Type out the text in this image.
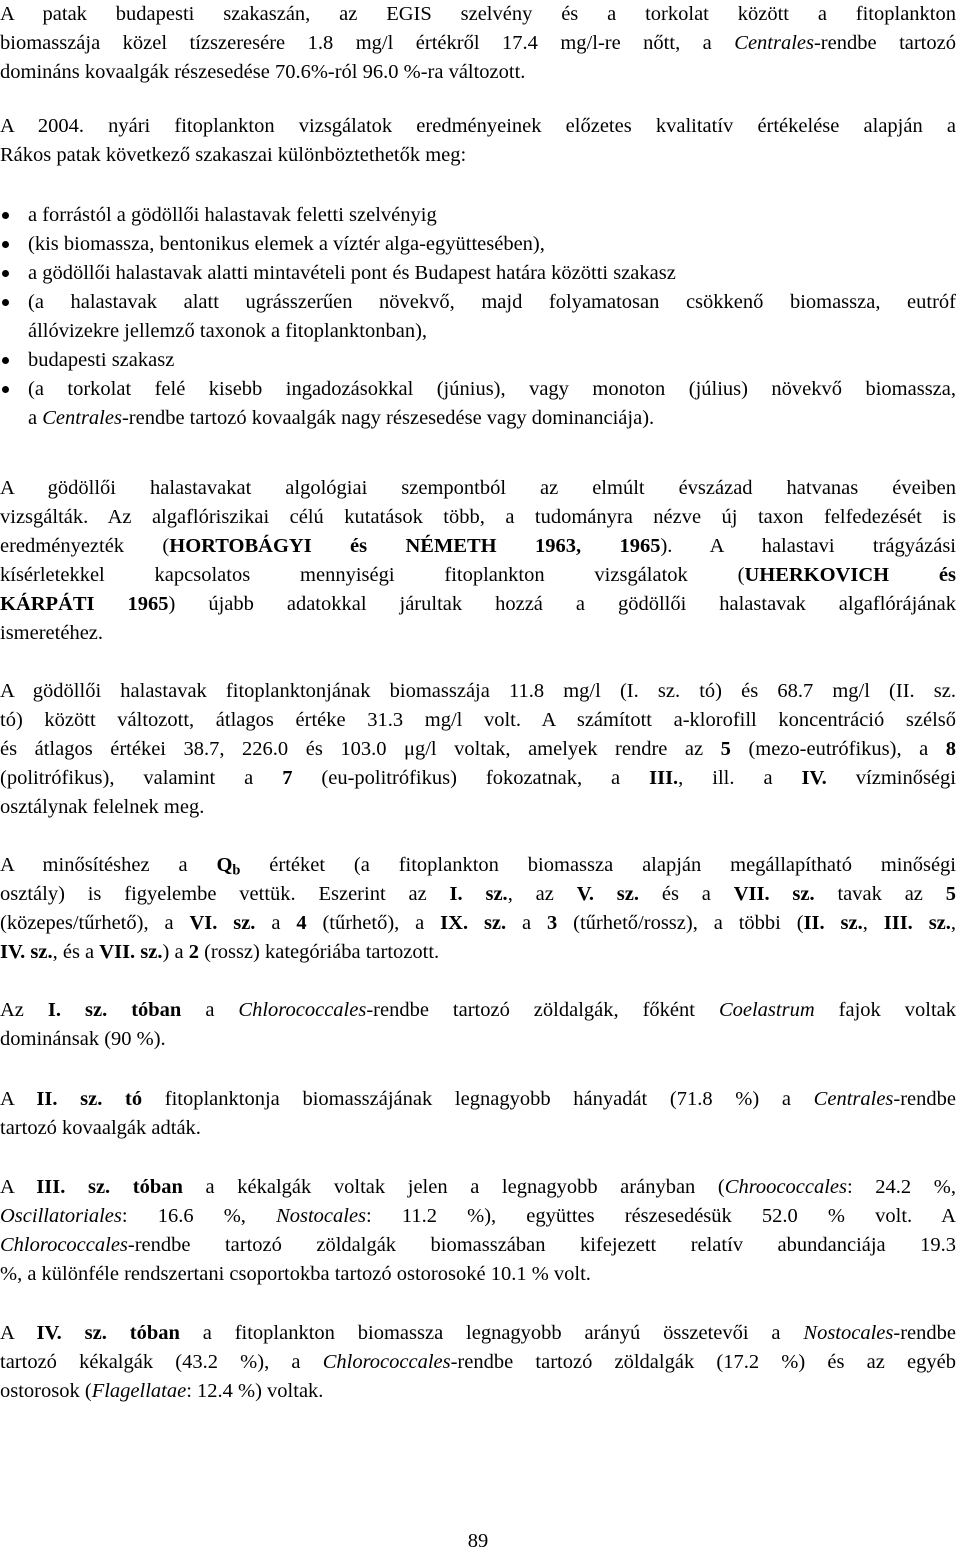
A patak budapesti szakaszán, az EGIS szelvény és a torkolat között a fitoplankton
biomasszája közel tízszeresére 1.8 mg/l értékről 17.4 mg/l-re nőtt, a Centrales-rendbe tartozó
domináns kovaalgák részesedése 70.6%-ról 96.0 %-ra változott.
A 2004. nyári fitoplankton vizsgálatok eredményeinek előzetes kvalitatív értékelése alapján a
Rákos patak következő szakaszai különböztethetők meg:
a forrástól a gödöllői halastavak feletti szelvényig
(kis biomassza, bentonikus elemek a víztér alga-együttesében),
a gödöllői halastavak alatti mintavételi pont és Budapest határa közötti szakasz
(a halastavak alatt ugrásszerűen növekvő, majd folyamatosan csökkenő biomassza, eutróf
állóvizekre jellemző taxonok a fitoplanktonban),
budapesti szakasz
(a torkolat felé kisebb ingadozásokkal (június), vagy monoton (július) növekvő biomassza,
a Centrales-rendbe tartozó kovaalgák nagy részesedése vagy dominanciája).
A gödöllői halastavakat algológiai szempontból az elmúlt évszázad hatvanas éveiben
vizsgálták. Az algaflóriszikai célú kutatások több, a tudományra nézve új taxon felfedezését is
eredményezték (HORTOBÁGYI és NÉMETH 1963, 1965). A halastavi trágyázási
kísérletekkel kapcsolatos mennyiségi fitoplankton vizsgálatok (UHERKOVICH és
KÁRPÁTI 1965) újabb adatokkal járultak hozzá a gödöllői halastavak algaflórájának
ismeretéhez.
A gödöllői halastavak fitoplanktonjának biomasszája 11.8 mg/l (I. sz. tó) és 68.7 mg/l (II. sz.
tó) között változott, átlagos értéke 31.3 mg/l volt. A számított a-klorofill koncentráció szélső
és átlagos értékei 38.7, 226.0 és 103.0 μg/l voltak, amelyek rendre az 5 (mezo-eutrófikus), a 8
(politrófikus), valamint a 7 (eu-politrófikus) fokozatnak, a III., ill. a IV. vízminőségi
osztálynak felelnek meg.
A minősítéshez a $Q_b$ értéket (a fitoplankton biomassza alapján megállapítható minőségi
osztály) is figyelembe vettük. Eszerint az I. sz., az V. sz. és a VII. sz. tavak az 5
(közepes/tűrhető), a VI. sz. a 4 (tűrhető), a IX. sz. a 3 (tűrhető/rossz), a többi (II. sz., III. sz.,
IV. sz., és a VII. sz.) a 2 (rossz) kategóriába tartozott.
Az I. sz. tóban a Chlorococcales-rendbe tartozó zöldalgák, főként Coelastrum fajok voltak
dominánsak (90 %).
A II. sz. tó fitoplanktonja biomasszájának legnagyobb hányadát (71.8 %) a Centrales-rendbe
tartozó kovaalgák adták.
A III. sz. tóban a kékalgák voltak jelen a legnagyobb arányban (Chroococcales: 24.2 %,
Oscillatoriales: 16.6 %, Nostocales: 11.2 %), együttes részesedésük 52.0 % volt. A
Chlorococcales-rendbe tartozó zöldalgák biomasszában kifejezett relatív abundanciája 19.3
%, a különféle rendszertani csoportokba tartozó ostorosoké 10.1 % volt.
A IV. sz. tóban a fitoplankton biomassza legnagyobb arányú összetevői a Nostocales-rendbe
tartozó kékalgák (43.2 %), a Chlorococcales-rendbe tartozó zöldalgák (17.2 %) és az egyéb
ostorosok (Flagellatae: 12.4 %) voltak.
89
